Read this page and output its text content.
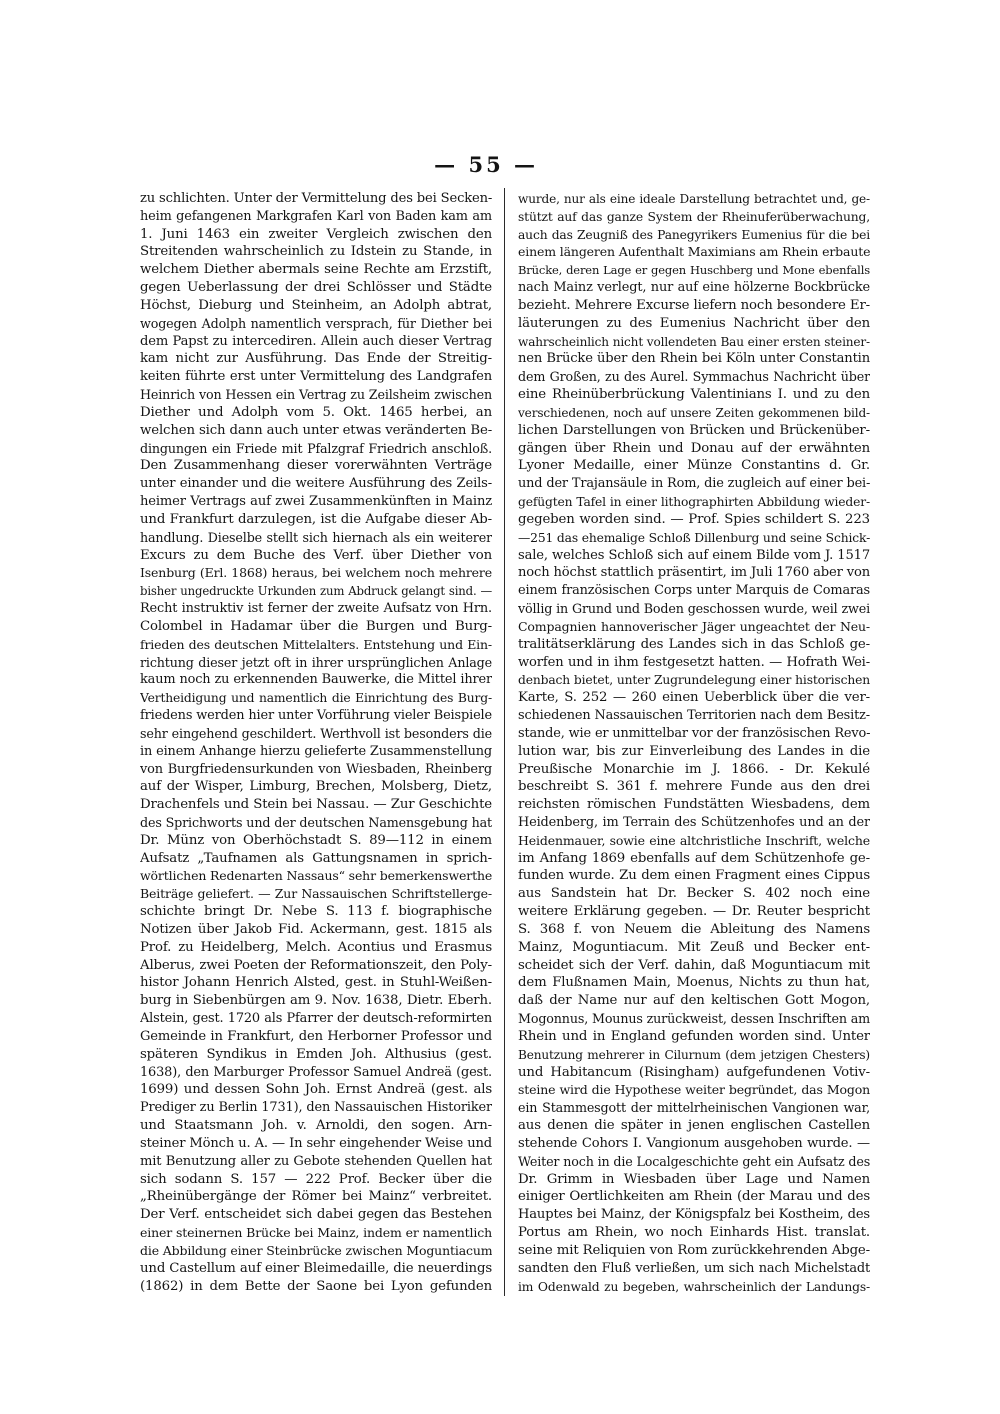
— 55 —
zu schlichten. Unter der Vermittelung des bei Secken-
heim gefangenen Markgrafen Karl von Baden kam am
1. Juni 1463 ein zweiter Vergleich zwischen den
Streitenden wahrscheinlich zu Idstein zu Stande, in
welchem Diether abermals seine Rechte am Erzstift,
gegen Ueberlassung der drei Schlösser und Städte
Höchst, Dieburg und Steinheim, an Adolph abtrat,
wogegen Adolph namentlich versprach, für Diether bei
dem Papst zu intercediren. Allein auch dieser Vertrag
kam nicht zur Ausführung. Das Ende der Streitig-
keiten führte erst unter Vermittelung des Landgrafen
Heinrich von Hessen ein Vertrag zu Zeilsheim zwischen
Diether und Adolph vom 5. Okt. 1465 herbei, an
welchen sich dann auch unter etwas veränderten Be-
dingungen ein Friede mit Pfalzgraf Friedrich anschloß.
Den Zusammenhang dieser vorerwähnten Verträge
unter einander und die weitere Ausführung des Zeils-
heimer Vertrags auf zwei Zusammenkünften in Mainz
und Frankfurt darzulegen, ist die Aufgabe dieser Ab-
handlung. Dieselbe stellt sich hiernach als ein weiterer
Excurs zu dem Buche des Verf. über Diether von
Isenburg (Erl. 1868) heraus, bei welchem noch mehrere
bisher ungedruckte Urkunden zum Abdruck gelangt sind. —
Recht instruktiv ist ferner der zweite Aufsatz von Hrn.
Colombel in Hadamar über die Burgen und Burg-
frieden des deutschen Mittelalters. Entstehung und Ein-
richtung dieser jetzt oft in ihrer ursprünglichen Anlage
kaum noch zu erkennenden Bauwerke, die Mittel ihrer
Vertheidigung und namentlich die Einrichtung des Burg-
friedens werden hier unter Vorführung vieler Beispiele
sehr eingehend geschildert. Werthvoll ist besonders die
in einem Anhange hierzu gelieferte Zusammenstellung
von Burgfriedensurkunden von Wiesbaden, Rheinberg
auf der Wisper, Limburg, Brechen, Molsberg, Dietz,
Drachenfels und Stein bei Nassau. — Zur Geschichte
des Sprichworts und der deutschen Namensgebung hat
Dr. Münz von Oberhöchstadt S. 89—112 in einem
Aufsatz „Taufnamen als Gattungsnamen in sprich-
wörtlichen Redenarten Nassaus“ sehr bemerkenswerthe
Beiträge geliefert. — Zur Nassauischen Schriftstellerge-
schichte bringt Dr. Nebe S. 113 f. biographische
Notizen über Jakob Fid. Ackermann, gest. 1815 als
Prof. zu Heidelberg, Melch. Acontius und Erasmus
Alberus, zwei Poeten der Reformationszeit, den Poly-
histor Johann Henrich Alsted, gest. in Stuhl-Weißen-
burg in Siebenbürgen am 9. Nov. 1638, Dietr. Eberh.
Alstein, gest. 1720 als Pfarrer der deutsch-reformirten
Gemeinde in Frankfurt, den Herborner Professor und
späteren Syndikus in Emden Joh. Althusius (gest.
1638), den Marburger Professor Samuel Andreä (gest.
1699) und dessen Sohn Joh. Ernst Andreä (gest. als
Prediger zu Berlin 1731), den Nassauischen Historiker
und Staatsmann Joh. v. Arnoldi, den sogen. Arn-
steiner Mönch u. A. — In sehr eingehender Weise und
mit Benutzung aller zu Gebote stehenden Quellen hat
sich sodann S. 157 — 222 Prof. Becker über die
„Rheinübergänge der Römer bei Mainz“ verbreitet.
Der Verf. entscheidet sich dabei gegen das Bestehen
einer steinernen Brücke bei Mainz, indem er namentlich
die Abbildung einer Steinbrücke zwischen Moguntiacum
und Castellum auf einer Bleimedaille, die neuerdings
(1862) in dem Bette der Saone bei Lyon gefunden
wurde, nur als eine ideale Darstellung betrachtet und, ge-
stützt auf das ganze System der Rheinuferüberwachung,
auch das Zeugniß des Panegyrikers Eumenius für die bei
einem längeren Aufenthalt Maximians am Rhein erbaute
Brücke, deren Lage er gegen Huschberg und Mone ebenfalls
nach Mainz verlegt, nur auf eine hölzerne Bockbrücke
bezieht. Mehrere Excurse liefern noch besondere Er-
läuterungen zu des Eumenius Nachricht über den
wahrscheinlich nicht vollendeten Bau einer ersten steiner-
nen Brücke über den Rhein bei Köln unter Constantin
dem Großen, zu des Aurel. Symmachus Nachricht über
eine Rheinüberbrückung Valentinians I. und zu den
verschiedenen, noch auf unsere Zeiten gekommenen bild-
lichen Darstellungen von Brücken und Brückenüber-
gängen über Rhein und Donau auf der erwähnten
Lyoner Medaille, einer Münze Constantins d. Gr.
und der Trajansäule in Rom, die zugleich auf einer bei-
gefügten Tafel in einer lithographirten Abbildung wieder-
gegeben worden sind. — Prof. Spies schildert S. 223
—251 das ehemalige Schloß Dillenburg und seine Schick-
sale, welches Schloß sich auf einem Bilde vom J. 1517
noch höchst stattlich präsentirt, im Juli 1760 aber von
einem französischen Corps unter Marquis de Comaras
völlig in Grund und Boden geschossen wurde, weil zwei
Compagnien hannoverischer Jäger ungeachtet der Neu-
tralitätserklärung des Landes sich in das Schloß ge-
worfen und in ihm festgesetzt hatten. — Hofrath Wei-
denbach bietet, unter Zugrundelegung einer historischen
Karte, S. 252 — 260 einen Ueberblick über die ver-
schiedenen Nassauischen Territorien nach dem Besitz-
stande, wie er unmittelbar vor der französischen Revo-
lution war, bis zur Einverleibung des Landes in die
Preußische Monarchie im J. 1866. - Dr. Kekulé
beschreibt S. 361 f. mehrere Funde aus den drei
reichsten römischen Fundstätten Wiesbadens, dem
Heidenberg, im Terrain des Schützenhofes und an der
Heidenmauer, sowie eine altchristliche Inschrift, welche
im Anfang 1869 ebenfalls auf dem Schützenhofe ge-
funden wurde. Zu dem einen Fragment eines Cippus
aus Sandstein hat Dr. Becker S. 402 noch eine
weitere Erklärung gegeben. — Dr. Reuter bespricht
S. 368 f. von Neuem die Ableitung des Namens
Mainz, Moguntiacum. Mit Zeuß und Becker ent-
scheidet sich der Verf. dahin, daß Moguntiacum mit
dem Flußnamen Main, Moenus, Nichts zu thun hat,
daß der Name nur auf den keltischen Gott Mogon,
Mogonnus, Mounus zurückweist, dessen Inschriften am
Rhein und in England gefunden worden sind. Unter
Benutzung mehrerer in Cilurnum (dem jetzigen Chesters)
und Habitancum (Risingham) aufgefundenen Votiv-
steine wird die Hypothese weiter begründet, das Mogon
ein Stammesgott der mittelrheinischen Vangionen war,
aus denen die später in jenen englischen Castellen
stehende Cohors I. Vangionum ausgehoben wurde. —
Weiter noch in die Localgeschichte geht ein Aufsatz des
Dr. Grimm in Wiesbaden über Lage und Namen
einiger Oertlichkeiten am Rhein (der Marau und des
Hauptes bei Mainz, der Königspfalz bei Kostheim, des
Portus am Rhein, wo noch Einhards Hist. translat.
seine mit Reliquien von Rom zurückkehrenden Abge-
sandten den Fluß verließen, um sich nach Michelstadt
im Odenwald zu begeben, wahrscheinlich der Landungs-
